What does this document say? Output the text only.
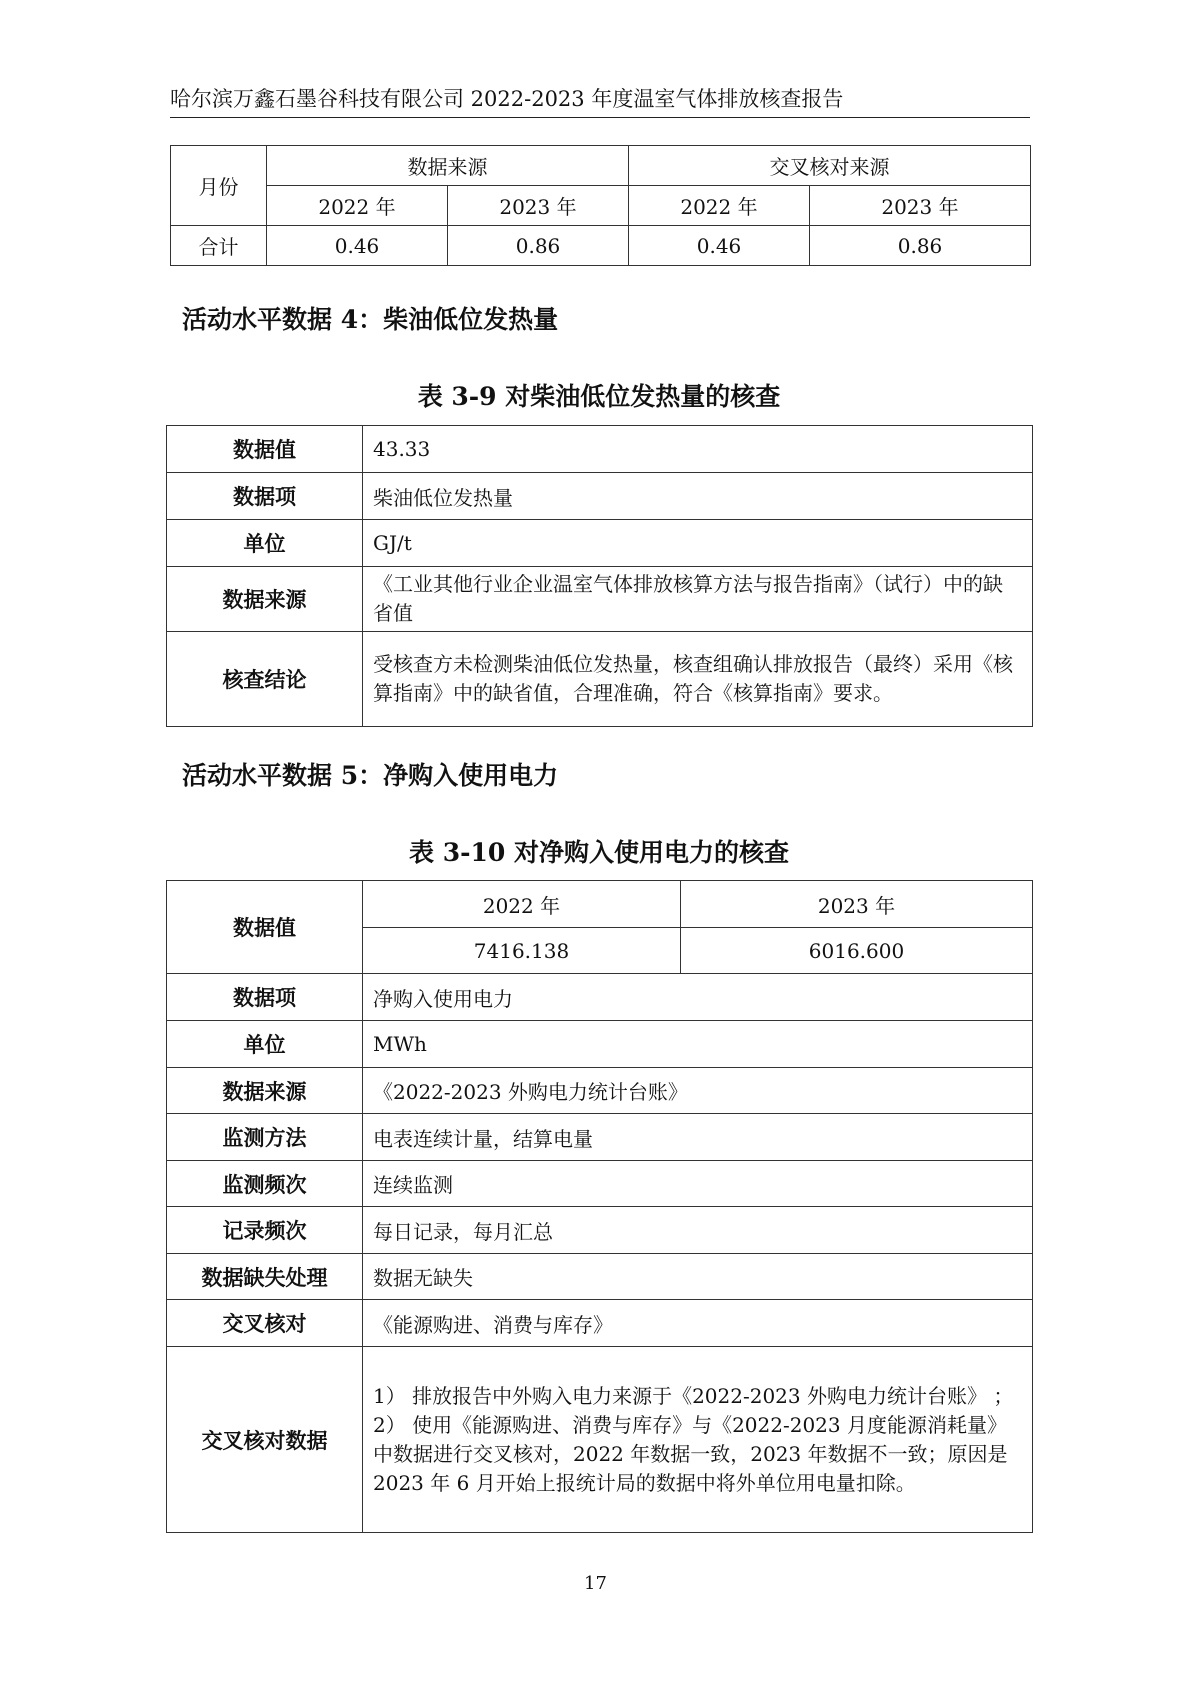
哈尔滨万鑫石墨谷科技有限公司 2022-2023 年度温室气体排放核查报告
月份	数据来源		交叉核对来源	
	2022 年	2023 年	2022 年	2023 年
合计	0.46	0.86	0.46	0.86
活动水平数据 4：柴油低位发热量
表 3-9 对柴油低位发热量的核查
数据值	43.33
数据项	柴油低位发热量
单位	GJ/t
数据来源	《工业其他行业企业温室气体排放核算方法与报告指南》（试行）中的缺省值
核查结论	受核查方未检测柴油低位发热量，核查组确认排放报告（最终）采用《核算指南》中的缺省值，合理准确，符合《核算指南》要求。
活动水平数据 5：净购入使用电力
表 3-10 对净购入使用电力的核查
数据值	2022 年	2023 年
	7416.138	6016.600
数据项	净购入使用电力	
单位	MWh	
数据来源	《2022-2023 外购电力统计台账》	
监测方法	电表连续计量，结算电量	
监测频次	连续监测	
记录频次	每日记录，每月汇总	
数据缺失处理	数据无缺失	
交叉核对	《能源购进、消费与库存》	
交叉核对数据	1） 排放报告中外购入电力来源于《2022-2023 外购电力统计台账》 ；
2） 使用《能源购进、消费与库存》与《2022-2023 月度能源消耗量》中数据进行交叉核对，2022 年数据一致，2023 年数据不一致；原因是 2023 年 6 月开始上报统计局的数据中将外单位用电量扣除。	
17
